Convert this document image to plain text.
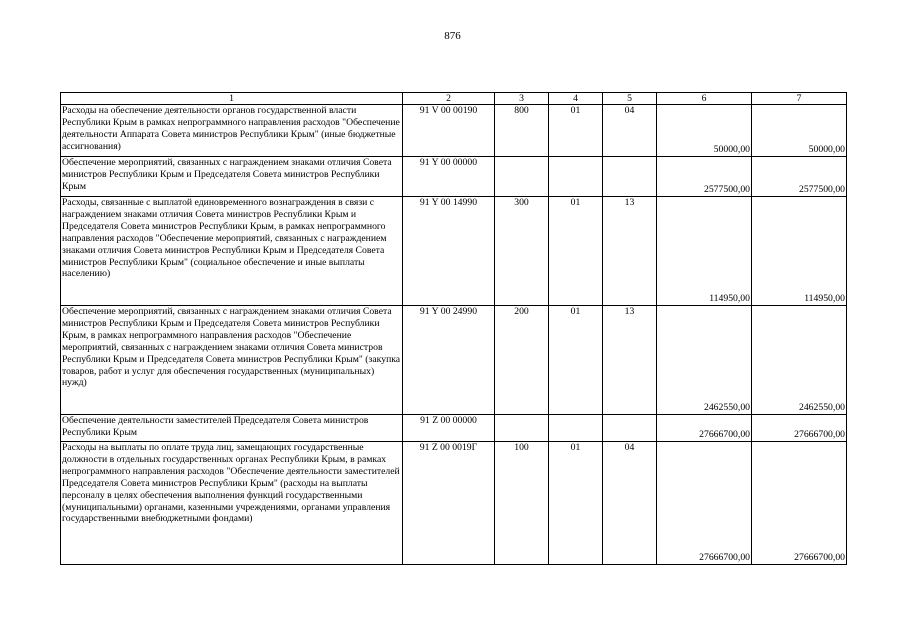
876
1	2	3	4	5	6	7
Расходы на обеспечение деятельности органов государственной власти Республики Крым в рамках непрограммного направления расходов "Обеспечение деятельности Аппарата Совета министров Республики Крым" (иные бюджетные ассигнования)	91 V 00 00190	800	01	04	50000,00	50000,00
Обеспечение мероприятий, связанных с награждением знаками отличия Совета министров Республики Крым и Председателя Совета министров Республики Крым	91 Y 00 00000				2577500,00	2577500,00
Расходы, связанные с выплатой единовременного вознаграждения в связи с награждением знаками отличия Совета министров Республики Крым и Председателя Совета министров Республики Крым, в рамках непрограммного направления расходов "Обеспечение мероприятий, связанных с награждением знаками отличия Совета министров Республики Крым и Председателя Совета министров Республики Крым" (социальное обеспечение и иные выплаты населению)	91 Y 00 14990	300	01	13	114950,00	114950,00
Обеспечение мероприятий, связанных с награждением знаками отличия Совета министров Республики Крым и Председателя Совета министров Республики Крым, в рамках непрограммного направления расходов "Обеспечение мероприятий, связанных с награждением знаками отличия Совета министров Республики Крым и Председателя Совета министров Республики Крым" (закупка товаров, работ и услуг для обеспечения государственных (муниципальных) нужд)	91 Y 00 24990	200	01	13	2462550,00	2462550,00
Обеспечение деятельности заместителей Председателя Совета министров Республики Крым	91 Z 00 00000				27666700,00	27666700,00
Расходы на выплаты по оплате труда лиц, замещающих государственные должности в отдельных государственных органах Республики Крым, в рамках непрограммного направления расходов "Обеспечение деятельности заместителей Председателя Совета министров Республики Крым" (расходы на выплаты персоналу в целях обеспечения выполнения функций государственными (муниципальными) органами, казенными учреждениями, органами управления государственными внебюджетными фондами)	91 Z 00 0019Г	100	01	04	27666700,00	27666700,00
